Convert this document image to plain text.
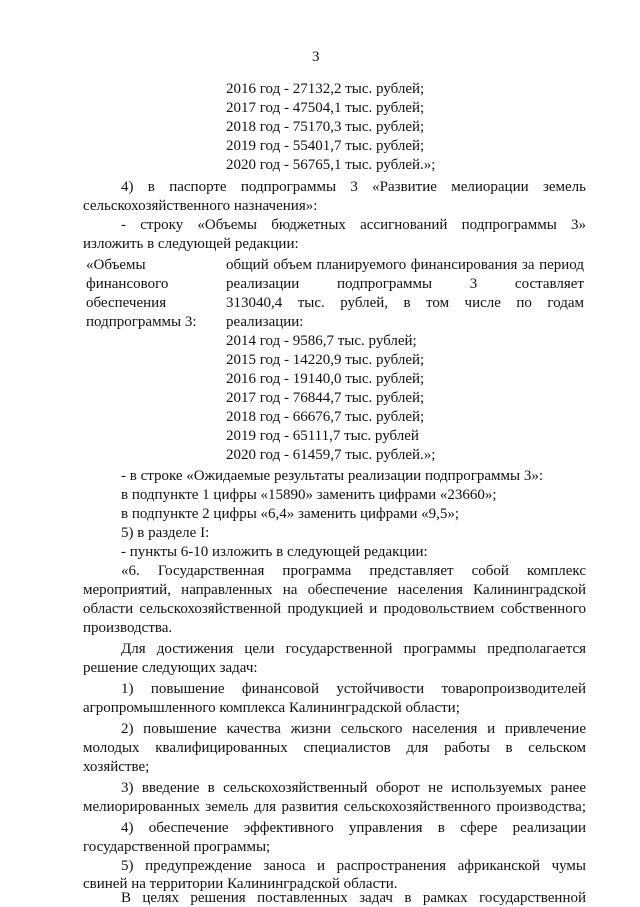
3

2016 год - 27132,2 тыс. рублей;

2017 год - 47504,1 тыс. рублей;

2018 год - 75170,3 тыс. рублей;

2019 год - 55401,7 тыс. рублей;

2020 год - 56765,1 тыс. рублей.»;

4) в паспорте подпрограммы 3 «Развитие мелиорации земель

сельскохозяйственного назначения»:

- строку «Объемы бюджетных ассигнований подпрограммы 3»

изложить в следующей редакции:

«Объемы

финансового

обеспечения

подпрограммы 3:

общий объем планируемого финансирования за период

реализации подпрограммы 3 составляет

313040,4 тыс. рублей, в том числе по годам

реализации:

2014 год - 9586,7 тыс. рублей;

2015 год - 14220,9 тыс. рублей;

2016 год - 19140,0 тыс. рублей;

2017 год - 76844,7 тыс. рублей;

2018 год - 66676,7 тыс. рублей;

2019 год - 65111,7 тыс. рублей

2020 год - 61459,7 тыс. рублей.»;

- в строке «Ожидаемые результаты реализации подпрограммы 3»:

в подпункте 1 цифры «15890» заменить цифрами «23660»;

в подпункте 2 цифры «6,4» заменить цифрами «9,5»;

5) в разделе I:

- пункты 6-10 изложить в следующей редакции:

«6. Государственная программа представляет собой комплекс

мероприятий, направленных на обеспечение населения Калининградской

области сельскохозяйственной продукцией и продовольствием собственного

производства.

Для достижения цели государственной программы предполагается

решение следующих задач:

1) повышение финансовой устойчивости товаропроизводителей

агропромышленного комплекса Калининградской области;

2) повышение качества жизни сельского населения и привлечение

молодых квалифицированных специалистов для работы в сельском

хозяйстве;

3) введение в сельскохозяйственный оборот не используемых ранее

мелиорированных земель для развития сельскохозяйственного производства;

4) обеспечение эффективного управления в сфере реализации

государственной программы;

5) предупреждение заноса и распространения африканской чумы

свиней на территории Калининградской области.

В целях решения поставленных задач в рамках государственной
